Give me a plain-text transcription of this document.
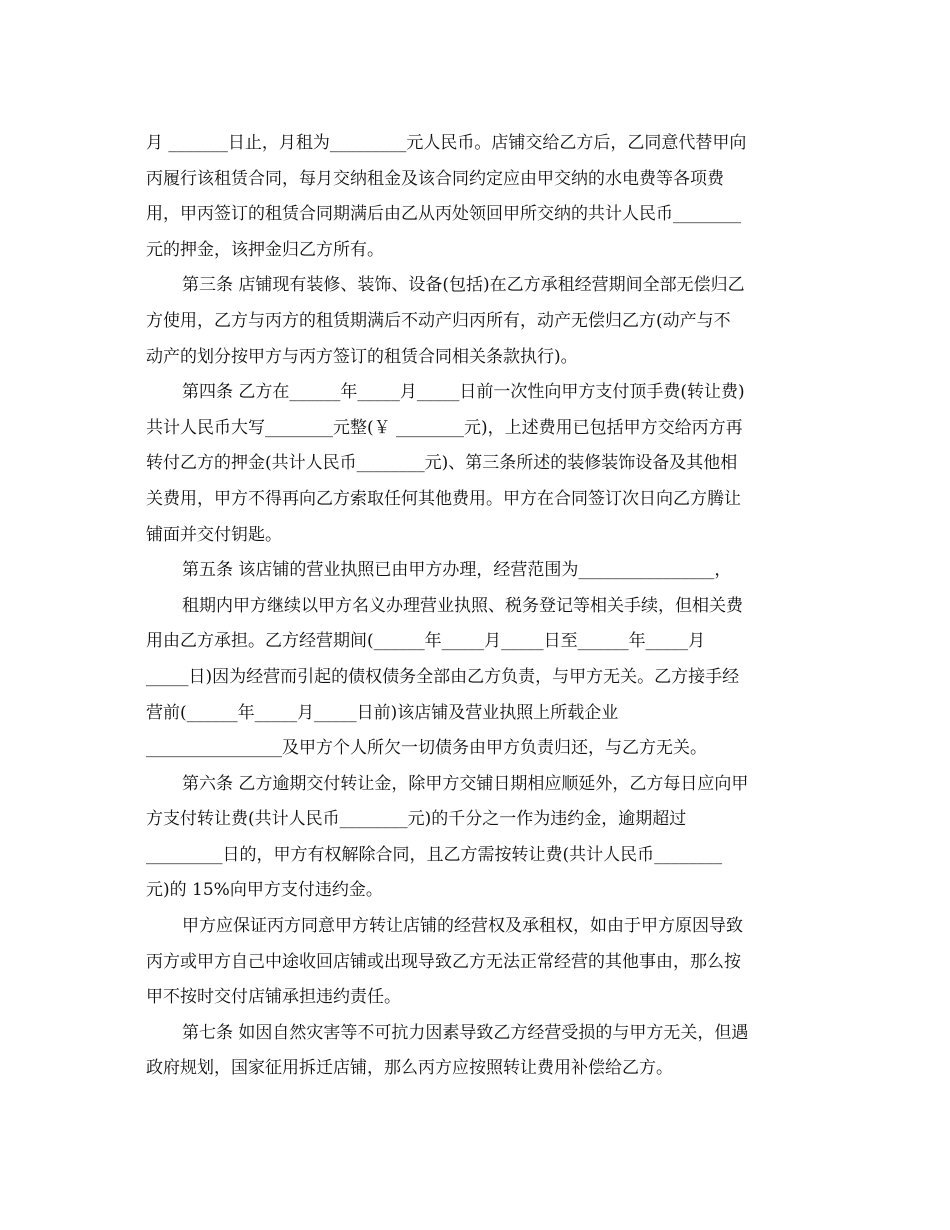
月 _______日止，月租为_________元人民币。店铺交给乙方后，乙同意代替甲向
丙履行该租赁合同，每月交纳租金及该合同约定应由甲交纳的水电费等各项费
用，甲丙签订的租赁合同期满后由乙从丙处领回甲所交纳的共计人民币________
元的押金，该押金归乙方所有。
第三条 店铺现有装修、装饰、设备(包括)在乙方承租经营期间全部无偿归乙
方使用，乙方与丙方的租赁期满后不动产归丙所有，动产无偿归乙方(动产与不
动产的划分按甲方与丙方签订的租赁合同相关条款执行)。
第四条 乙方在______年_____月_____日前一次性向甲方支付顶手费(转让费)
共计人民币大写________元整(￥ ________元)，上述费用已包括甲方交给丙方再
转付乙方的押金(共计人民币________元)、第三条所述的装修装饰设备及其他相
关费用，甲方不得再向乙方索取任何其他费用。甲方在合同签订次日向乙方腾让
铺面并交付钥匙。
第五条 该店铺的营业执照已由甲方办理，经营范围为________________，
租期内甲方继续以甲方名义办理营业执照、税务登记等相关手续，但相关费
用由乙方承担。乙方经营期间(______年_____月_____日至______年_____月
_____日)因为经营而引起的债权债务全部由乙方负责，与甲方无关。乙方接手经
营前(______年_____月_____日前)该店铺及营业执照上所载企业
________________及甲方个人所欠一切债务由甲方负责归还，与乙方无关。
第六条 乙方逾期交付转让金，除甲方交铺日期相应顺延外，乙方每日应向甲
方支付转让费(共计人民币________元)的千分之一作为违约金，逾期超过
_________日的，甲方有权解除合同，且乙方需按转让费(共计人民币________
元)的 15%向甲方支付违约金。
甲方应保证丙方同意甲方转让店铺的经营权及承租权，如由于甲方原因导致
丙方或甲方自己中途收回店铺或出现导致乙方无法正常经营的其他事由，那么按
甲不按时交付店铺承担违约责任。
第七条 如因自然灾害等不可抗力因素导致乙方经营受损的与甲方无关，但遇
政府规划，国家征用拆迁店铺，那么丙方应按照转让费用补偿给乙方。
